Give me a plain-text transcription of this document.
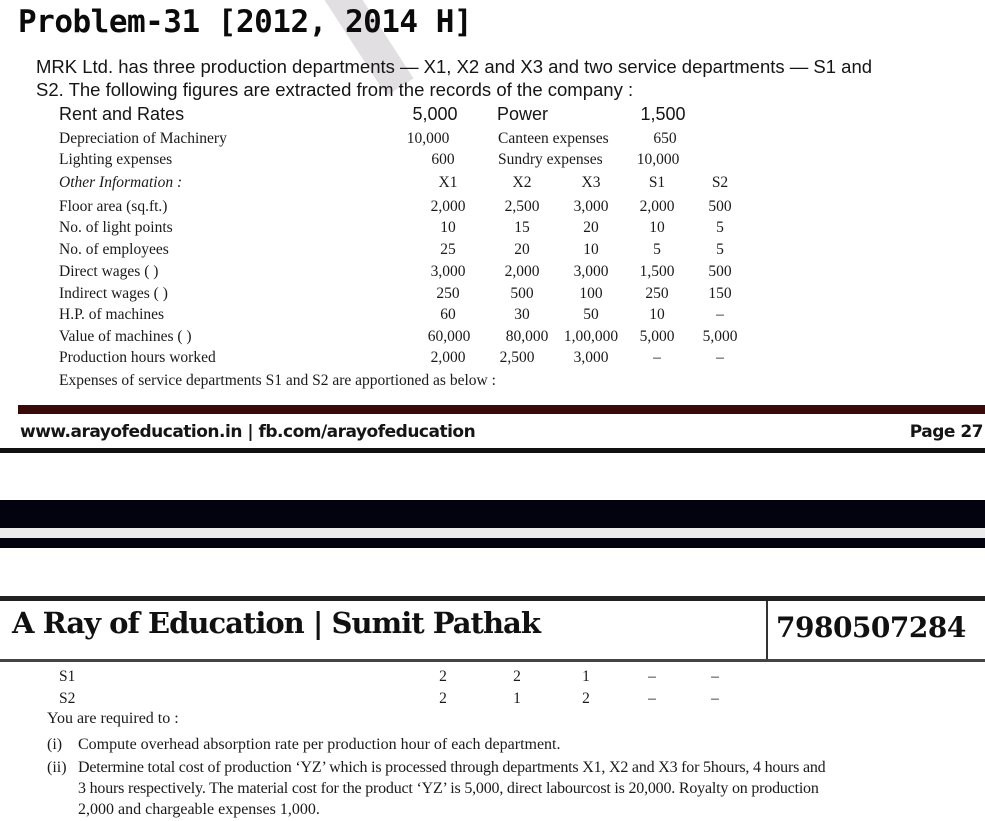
Problem-31 [2012, 2014 H]
MRK Ltd. has three production departments — X1, X2 and X3 and two service departments — S1 and
S2. The following figures are extracted from the records of the company :
Rent and Rates	5,000	Power	1,500
Depreciation of Machinery	10,000	Canteen expenses	650
Lighting expenses	600	Sundry expenses	10,000
Other Information :	X1	X2	X3	S1	S2
Floor area (sq.ft.)	2,000	2,500	3,000	2,000	500
No. of light points	10	15	20	10	5
No. of employees	25	20	10	5	5
Direct wages ( )	3,000	2,000	3,000	1,500	500
Indirect wages ( )	250	500	100	250	150
H.P. of machines	60	30	50	10	–
Value of machines ( )	60,000	80,000	1,00,000	5,000	5,000
Production hours worked	2,000	2,500	3,000	–	–
Expenses of service departments S1 and S2 are apportioned as below :
www.arayofeducation.in | fb.com/arayofeducation	Page 27
A Ray of Education | Sumit Pathak	7980507284
S1	2	2	1	–	–
S2	2	1	2	–	–
You are required to :
(i) Compute overhead absorption rate per production hour of each department.
(ii) Determine total cost of production ‘YZ’ which is processed through departments X1, X2 and X3 for 5hours, 4 hours and
3 hours respectively. The material cost for the product ‘YZ’ is 5,000, direct labourcost is 20,000. Royalty on production
2,000 and chargeable expenses 1,000.
